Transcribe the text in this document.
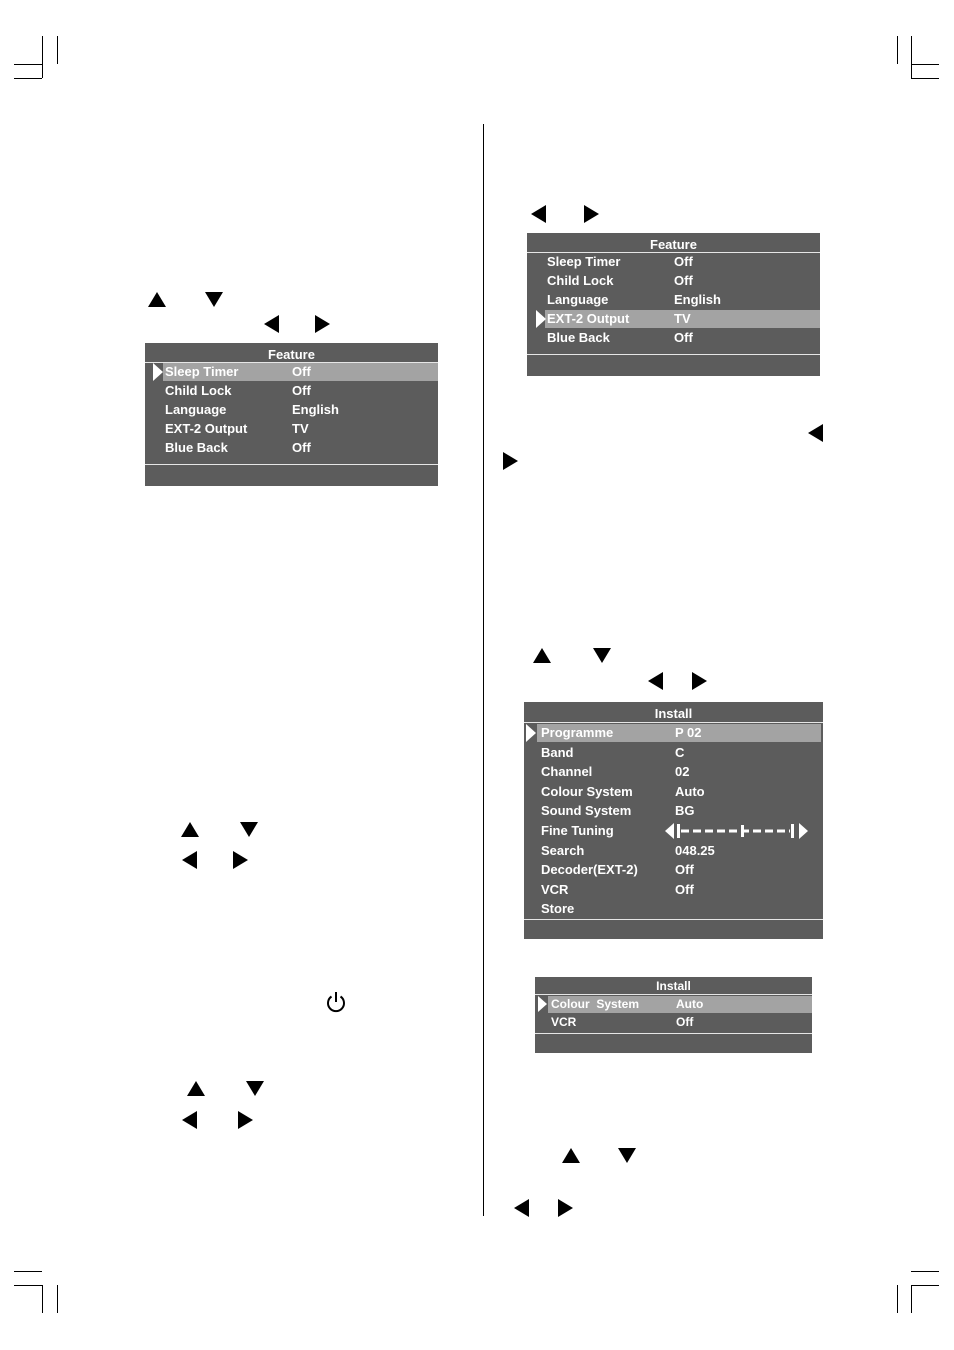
Feature
Sleep Timer	Off
Child Lock	Off
Language	English
EXT-2 Output	TV
Blue Back	Off
Feature
Sleep Timer	Off
Child Lock	Off
Language	English
EXT-2 Output	TV
Blue Back	Off
Install
Programme	P 02
Band	C
Channel	02
Colour System	Auto
Sound System	BG
Fine Tuning
Search	048.25
Decoder(EXT-2)	Off
VCR	Off
Store
Install
Colour  System	Auto
VCR	Off
